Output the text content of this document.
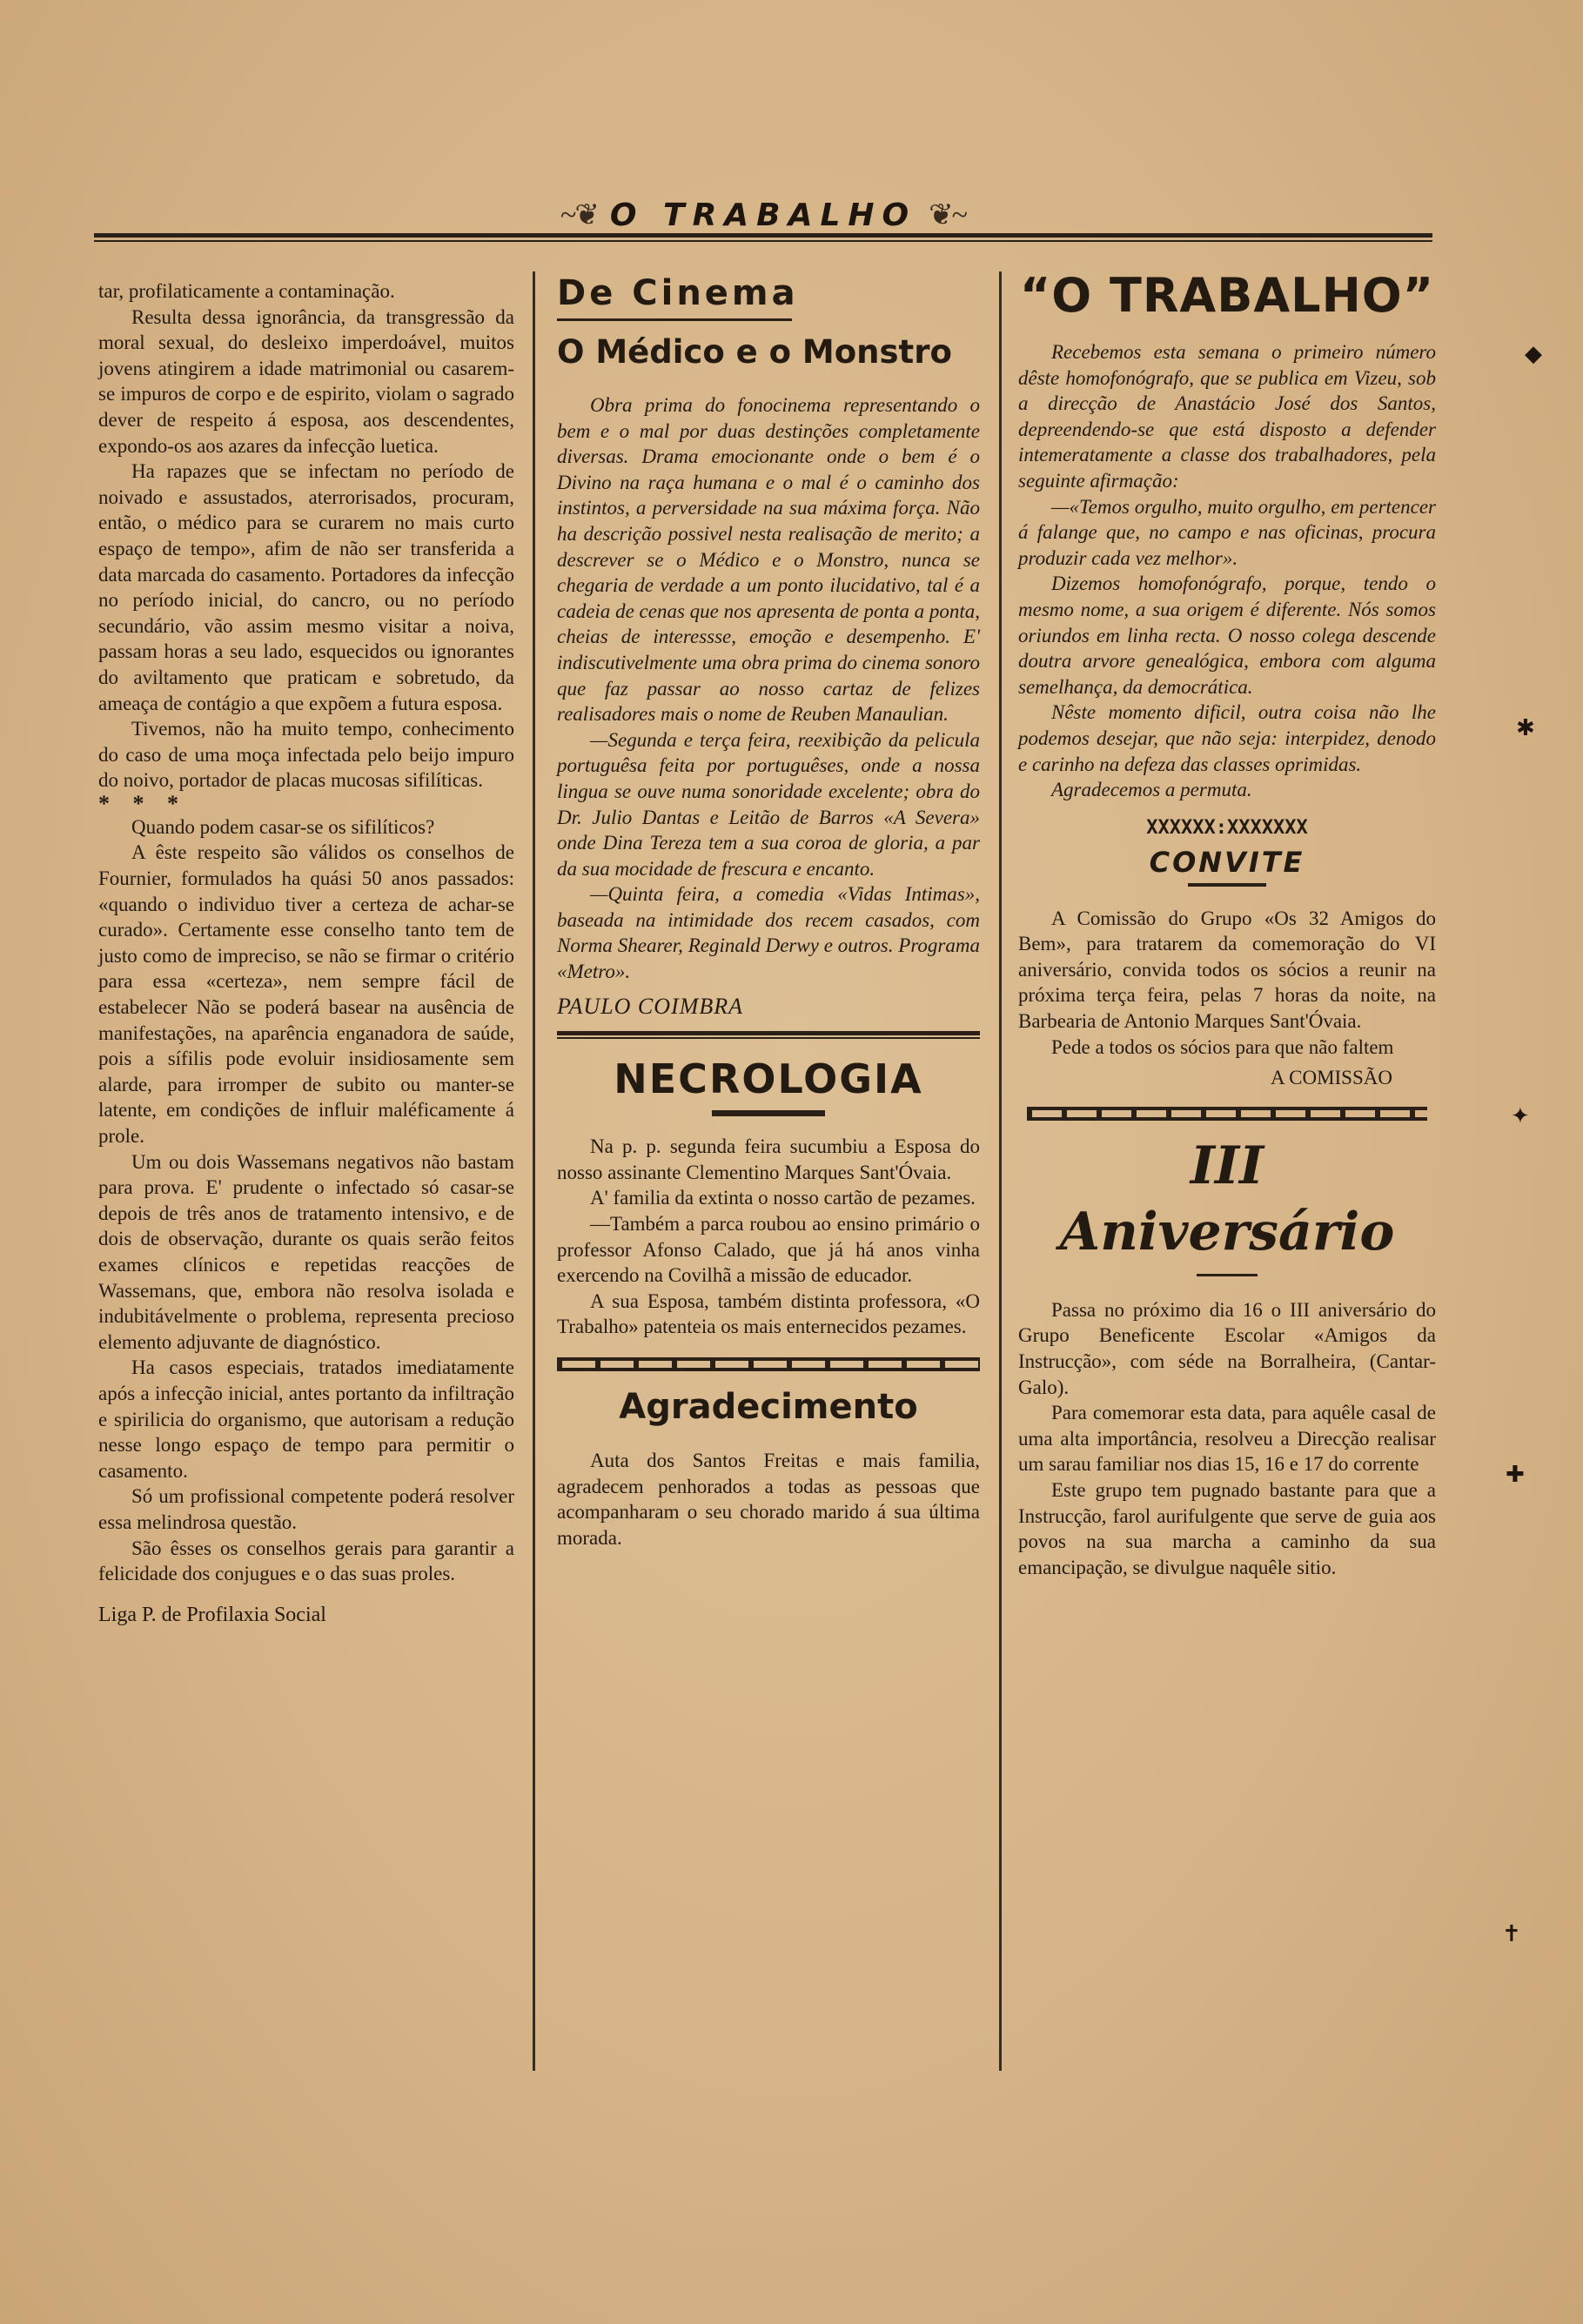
~❦ O TRABALHO ❦~

tar, profilaticamente a contaminação.

Resulta dessa ignorância, da transgressão da moral sexual, do desleixo imperdoável, muitos jovens atingirem a idade matrimonial ou casarem-se impuros de corpo e de espirito, violam o sagrado dever de respeito á esposa, aos descendentes, expondo-os aos azares da infecção luetica.

Ha rapazes que se infectam no período de noivado e assustados, aterrorisados, procuram, então, o médico para se curarem no mais curto espaço de tempo», afim de não ser transferida a data marcada do casamento. Portadores da infecção no período inicial, do cancro, ou no período secundário, vão assim mesmo visitar a noiva, passam horas a seu lado, esquecidos ou ignorantes do aviltamento que praticam e sobretudo, da ameaça de contágio a que expõem a futura esposa.

Tivemos, não ha muito tempo, conhecimento do caso de uma moça infectada pelo beijo impuro do noivo, portador de placas mucosas sifilíticas.

* * *

Quando podem casar-se os sifilíticos?

A êste respeito são válidos os conselhos de Fournier, formulados ha quási 50 anos passados: «quando o individuo tiver a certeza de achar-se curado». Certamente esse conselho tanto tem de justo como de impreciso, se não se firmar o critério para essa «certeza», nem sempre fácil de estabelecer Não se poderá basear na ausência de manifestações, na aparência enganadora de saúde, pois a sífilis pode evoluir insidiosamente sem alarde, para irromper de subito ou manter-se latente, em condições de influir maléficamente á prole.

Um ou dois Wassemans negativos não bastam para prova. E' prudente o infectado só casar-se depois de três anos de tratamento intensivo, e de dois de observação, durante os quais serão feitos exames clínicos e repetidas reacções de Wassemans, que, embora não resolva isolada e indubitávelmente o problema, representa precioso elemento adjuvante de diagnóstico.

Ha casos especiais, tratados imediatamente após a infecção inicial, antes portanto da infiltração e spirilicia do organismo, que autorisam a redução nesse longo espaço de tempo para permitir o casamento.

Só um profissional competente poderá resolver essa melindrosa questão.

São êsses os conselhos gerais para garantir a felicidade dos conjugues e o das suas proles.

Liga P. de Profilaxia Social

De Cinema
O Médico e o Monstro

Obra prima do fonocinema representando o bem e o mal por duas destinções completamente diversas. Drama emocionante onde o bem é o Divino na raça humana e o mal é o caminho dos instintos, a perversidade na sua máxima força. Não ha descrição possivel nesta realisação de merito; a descrever se o Médico e o Monstro, nunca se chegaria de verdade a um ponto ilucidativo, tal é a cadeia de cenas que nos apresenta de ponta a ponta, cheias de interessse, emoção e desempenho. E' indiscutivelmente uma obra prima do cinema sonoro que faz passar ao nosso cartaz de felizes realisadores mais o nome de Reuben Manaulian.

—Segunda e terça feira, reexibição da pelicula portuguêsa feita por portuguêses, onde a nossa lingua se ouve numa sonoridade excelente; obra do Dr. Julio Dantas e Leitão de Barros «A Severa» onde Dina Tereza tem a sua coroa de gloria, a par da sua mocidade de frescura e encanto.

—Quinta feira, a comedia «Vidas Intimas», baseada na intimidade dos recem casados, com Norma Shearer, Reginald Derwy e outros. Programa «Metro».

PAULO COIMBRA

NECROLOGIA

Na p. p. segunda feira sucumbiu a Esposa do nosso assinante Clementino Marques Sant'Óvaia.

A' familia da extinta o nosso cartão de pezames.

—Também a parca roubou ao ensino primário o professor Afonso Calado, que já há anos vinha exercendo na Covilhã a missão de educador.

A sua Esposa, também distinta professora, «O Trabalho» patenteia os mais enternecidos pezames.

Agradecimento

Auta dos Santos Freitas e mais familia, agradecem penhorados a todas as pessoas que acompanharam o seu chorado marido á sua última morada.

“O TRABALHO”

Recebemos esta semana o primeiro número dêste homofonógrafo, que se publica em Vizeu, sob a direcção de Anastácio José dos Santos, depreendendo-se que está disposto a defender intemeratamente a classe dos trabalhadores, pela seguinte afirmação:

—«Temos orgulho, muito orgulho, em pertencer á falange que, no campo e nas oficinas, procura produzir cada vez melhor».

Dizemos homofonógrafo, porque, tendo o mesmo nome, a sua origem é diferente. Nós somos oriundos em linha recta. O nosso colega descende doutra arvore genealógica, embora com alguma semelhança, da democrática.

Nêste momento dificil, outra coisa não lhe podemos desejar, que não seja: interpidez, denodo e carinho na defeza das classes oprimidas.

Agradecemos a permuta.

XXXXXX:XXXXXXX
CONVITE

A Comissão do Grupo «Os 32 Amigos do Bem», para tratarem da comemoração do VI aniversário, convida todos os sócios a reunir na próxima terça feira, pelas 7 horas da noite, na Barbearia de Antonio Marques Sant'Óvaia.

Pede a todos os sócios para que não faltem

A COMISSÃO

III Aniversário

Passa no próximo dia 16 o III aniversário do Grupo Beneficente Escolar «Amigos da Instrucção», com séde na Borralheira, (Cantar-Galo).

Para comemorar esta data, para aquêle casal de uma alta importância, resolveu a Direcção realisar um sarau familiar nos dias 15, 16 e 17 do corrente

Este grupo tem pugnado bastante para que a Instrucção, farol aurifulgente que serve de guia aos povos na sua marcha a caminho da sua emancipação, se divulgue naquêle sitio.

◆
✱
✦
✚
✝
